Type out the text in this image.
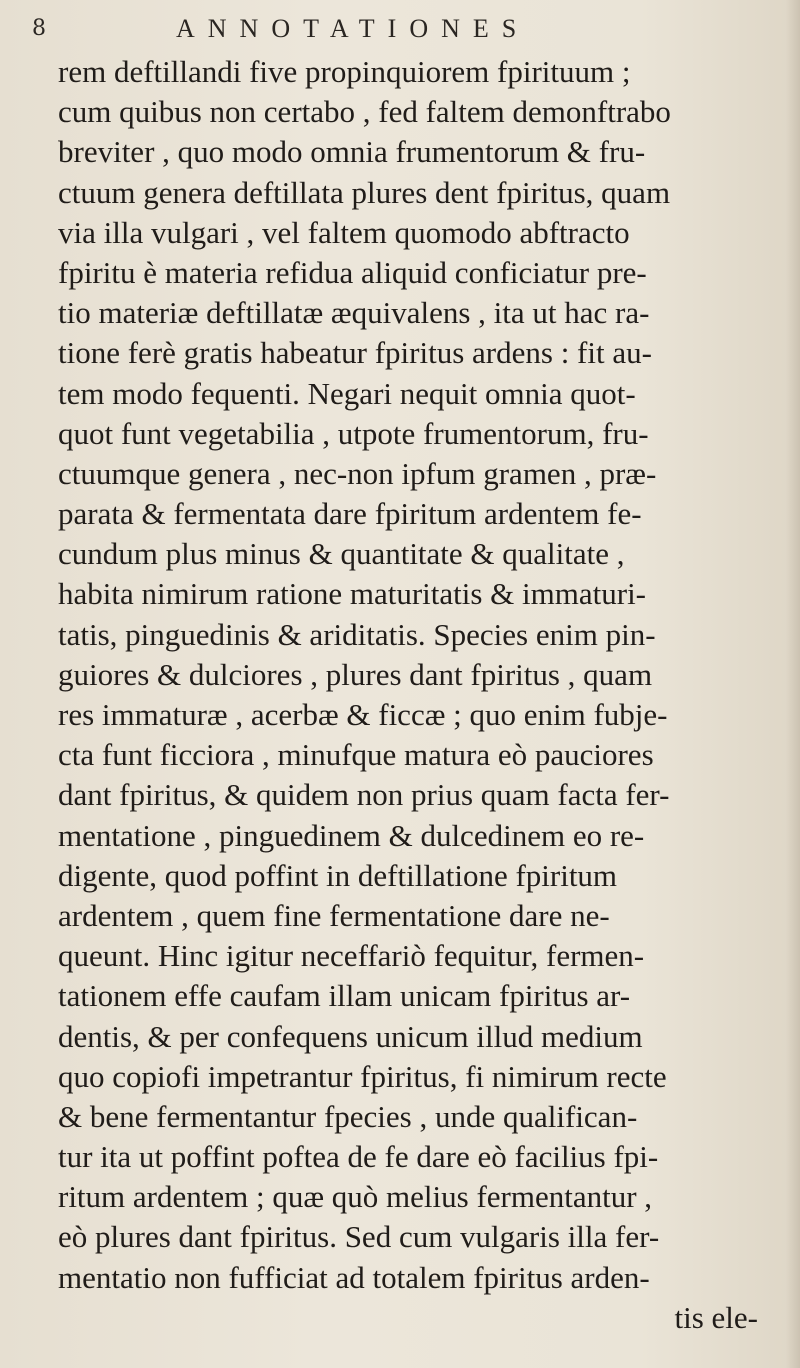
8	ANNOTATIONES
rem deftillandi five propinquiorem fpirituum ;
cum quibus non certabo , fed faltem demonftrabo
breviter , quo modo omnia frumentorum & fru-
ctuum genera deftillata plures dent fpiritus, quam
via illa vulgari , vel faltem quomodo abftracto
fpiritu è materia refidua aliquid conficiatur pre-
tio materiæ deftillatæ æquivalens , ita ut hac ra-
tione ferè gratis habeatur fpiritus ardens : fit au-
tem modo fequenti. Negari nequit omnia quot-
quot funt vegetabilia , utpote frumentorum, fru-
ctuumque genera , nec-non ipfum gramen , præ-
parata & fermentata dare fpiritum ardentem fe-
cundum plus minus & quantitate & qualitate ,
habita nimirum ratione maturitatis & immaturi-
tatis, pinguedinis & ariditatis. Species enim pin-
guiores & dulciores , plures dant fpiritus , quam
res immaturæ , acerbæ & ficcæ ; quo enim fubje-
cta funt ficciora , minufque matura eò pauciores
dant fpiritus, & quidem non prius quam facta fer-
mentatione , pinguedinem & dulcedinem eo re-
digente, quod poffint in deftillatione fpiritum
ardentem , quem fine fermentatione dare ne-
queunt. Hinc igitur neceffariò fequitur, fermen-
tationem effe caufam illam unicam fpiritus ar-
dentis, & per confequens unicum illud medium
quo copiofi impetrantur fpiritus, fi nimirum recte
& bene fermentantur fpecies , unde qualifican-
tur ita ut poffint poftea de fe dare eò facilius fpi-
ritum ardentem ; quæ quò melius fermentantur ,
eò plures dant fpiritus. Sed cum vulgaris illa fer-
mentatio non fufficiat ad totalem fpiritus arden-
tis ele-
